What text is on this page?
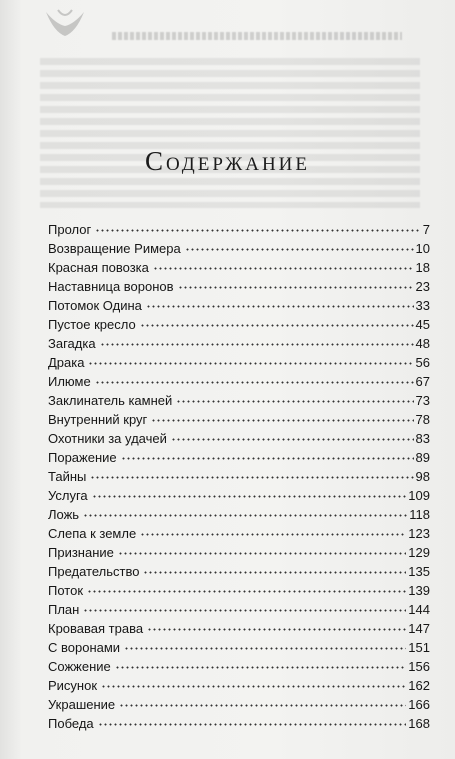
Содержание
Пролог	7
Возвращение Римера	10
Красная повозка	18
Наставница воронов	23
Потомок Одина	33
Пустое кресло	45
Загадка	48
Драка	56
Илюме	67
Заклинатель камней	73
Внутренний круг	78
Охотники за удачей	83
Поражение	89
Тайны	98
Услуга	109
Ложь	118
Слепа к земле	123
Признание	129
Предательство	135
Поток	139
План	144
Кровавая трава	147
С воронами	151
Сожжение	156
Рисунок	162
Украшение	166
Победа	168
